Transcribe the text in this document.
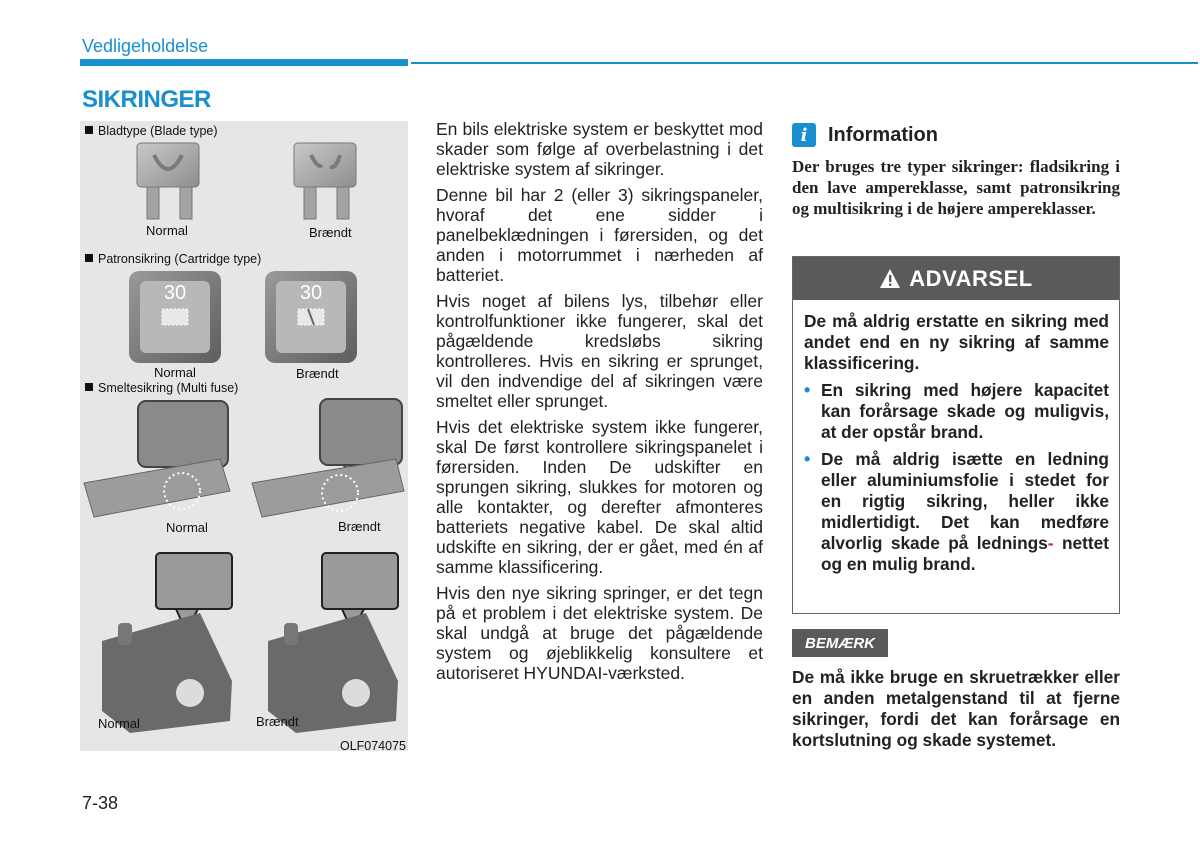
Vedligeholdelse
SIKRINGER
30	30
Bladtype (Blade type)
Normal	Brændt
Patronsikring (Cartridge type)
Normal	Brændt
Smeltesikring (Multi fuse)
Normal	Brændt
Normal	Brændt
OLF074075

En bils elektriske system er beskyttet mod skader som følge af overbelastning i det elektriske system af sikringer.

Denne bil har 2 (eller 3) sikringspaneler, hvoraf det ene sidder i panelbeklædningen i førersiden, og det anden i motorrummet i nærheden af batteriet.

Hvis noget af bilens lys, tilbehør eller kontrolfunktioner ikke fungerer, skal det pågældende kredsløbs sikring kontrolleres. Hvis en sikring er sprunget, vil den indvendige del af sikringen være smeltet eller sprunget.

Hvis det elektriske system ikke fungerer, skal De først kontrollere sikringspanelet i førersiden. Inden De udskifter en sprungen sikring, slukkes for motoren og alle kontakter, og derefter afmonteres batteriets negative kabel. De skal altid udskifte en sikring, der er gået, med én af samme klassificering.

Hvis den nye sikring springer, er det tegn på et problem i det elektriske system. De skal undgå at bruge det pågældende system og øjeblikkelig konsultere et autoriseret HYUNDAI-værksted.

i	Information
Der bruges tre typer sikringer: fladsikring i den lave ampereklasse, samt patronsikring og multisikring i de højere ampereklasser.
ADVARSEL

De må aldrig erstatte en sikring med andet end en ny sikring af samme klassificering.

• En sikring med højere kapacitet kan forårsage skade og muligvis, at der opstår brand.
• De må aldrig isætte en ledning eller aluminiumsfolie i stedet for en rigtig sikring, heller ikke midlertidigt. Det kan medføre alvorlig skade på lednings- nettet og en mulig brand.
BEMÆRK
De må ikke bruge en skruetrækker eller en anden metalgenstand til at fjerne sikringer, fordi det kan forårsage en kortslutning og skade systemet.
7-38
